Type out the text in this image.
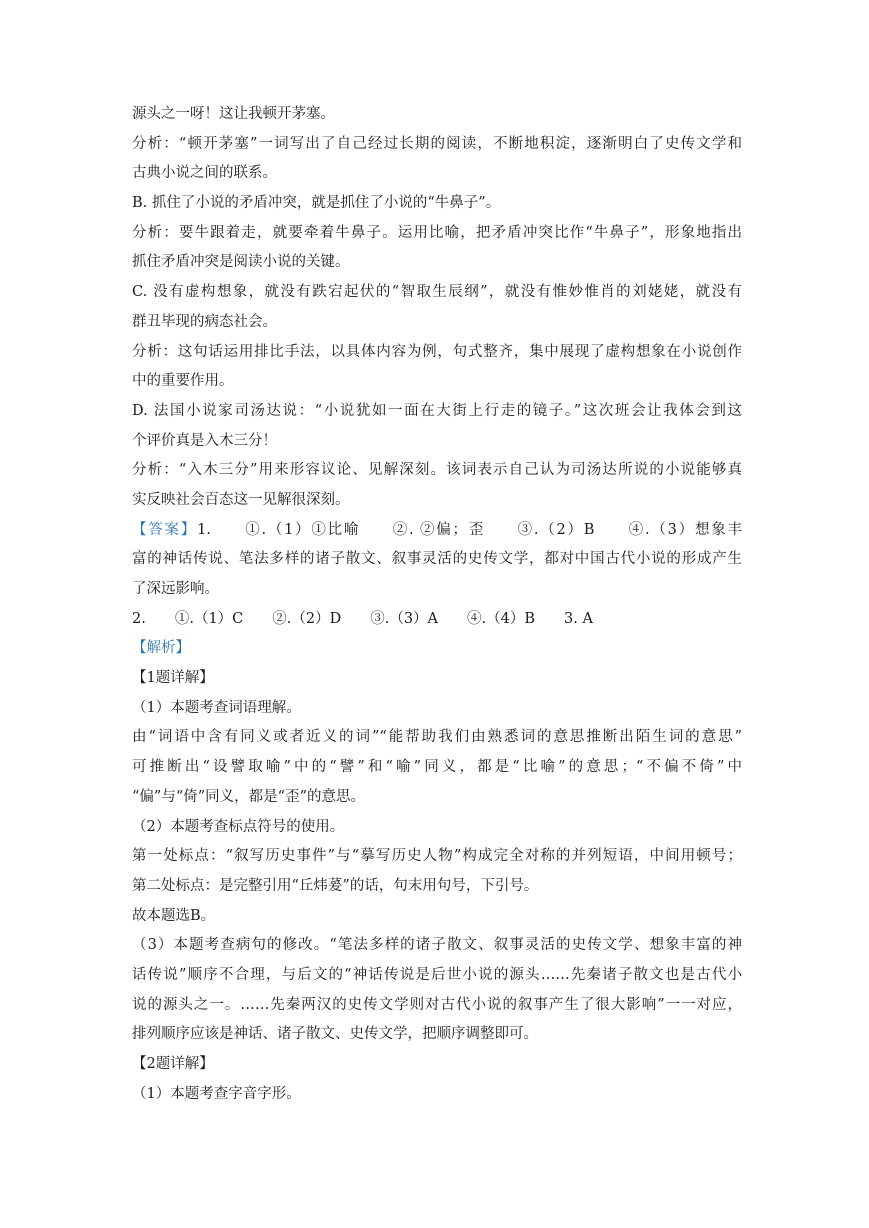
源头之一呀！这让我顿开茅塞。
分析：“顿开茅塞”一词写出了自己经过长期的阅读，不断地积淀，逐渐明白了史传文学和
古典小说之间的联系。
B. 抓住了小说的矛盾冲突，就是抓住了小说的“牛鼻子”。
分析：要牛跟着走，就要牵着牛鼻子。运用比喻，把矛盾冲突比作“牛鼻子”，形象地指出
抓住矛盾冲突是阅读小说的关键。
C. 没有虚构想象，就没有跌宕起伏的“智取生辰纲”，就没有惟妙惟肖的刘姥姥，就没有
群丑毕现的病态社会。
分析：这句话运用排比手法，以具体内容为例，句式整齐，集中展现了虚构想象在小说创作
中的重要作用。
D. 法国小说家司汤达说：“小说犹如一面在大街上行走的镜子。”这次班会让我体会到这
个评价真是入木三分！
分析：“入木三分”用来形容议论、见解深刻。该词表示自己认为司汤达所说的小说能够真
实反映社会百态这一见解很深刻。
【答案】1.　　①.（1）①比喻　　②. ②偏；歪　　③.（2）B　　④.（3）想象丰
富的神话传说、笔法多样的诸子散文、叙事灵活的史传文学，都对中国古代小说的形成产生
了深远影响。
2.　　①.（1）C　　②.（2）D　　③.（3）A　　④.（4）B　　3. A
【解析】
【1题详解】
（1）本题考查词语理解。
由“词语中含有同义或者近义的词”“能帮助我们由熟悉词的意思推断出陌生词的意思”
可推断出“设譬取喻”中的“譬”和“喻”同义，都是“比喻”的意思；“不偏不倚”中
“偏”与“倚”同义，都是“歪”的意思。
（2）本题考查标点符号的使用。
第一处标点：“叙写历史事件”与“摹写历史人物”构成完全对称的并列短语，中间用顿号；
第二处标点：是完整引用“丘炜萲”的话，句末用句号，下引号。
故本题选B。
（3）本题考查病句的修改。“笔法多样的诸子散文、叙事灵活的史传文学、想象丰富的神
话传说”顺序不合理，与后文的“神话传说是后世小说的源头……先秦诸子散文也是古代小
说的源头之一。……先秦两汉的史传文学则对古代小说的叙事产生了很大影响”一一对应，
排列顺序应该是神话、诸子散文、史传文学，把顺序调整即可。
【2题详解】
（1）本题考查字音字形。
